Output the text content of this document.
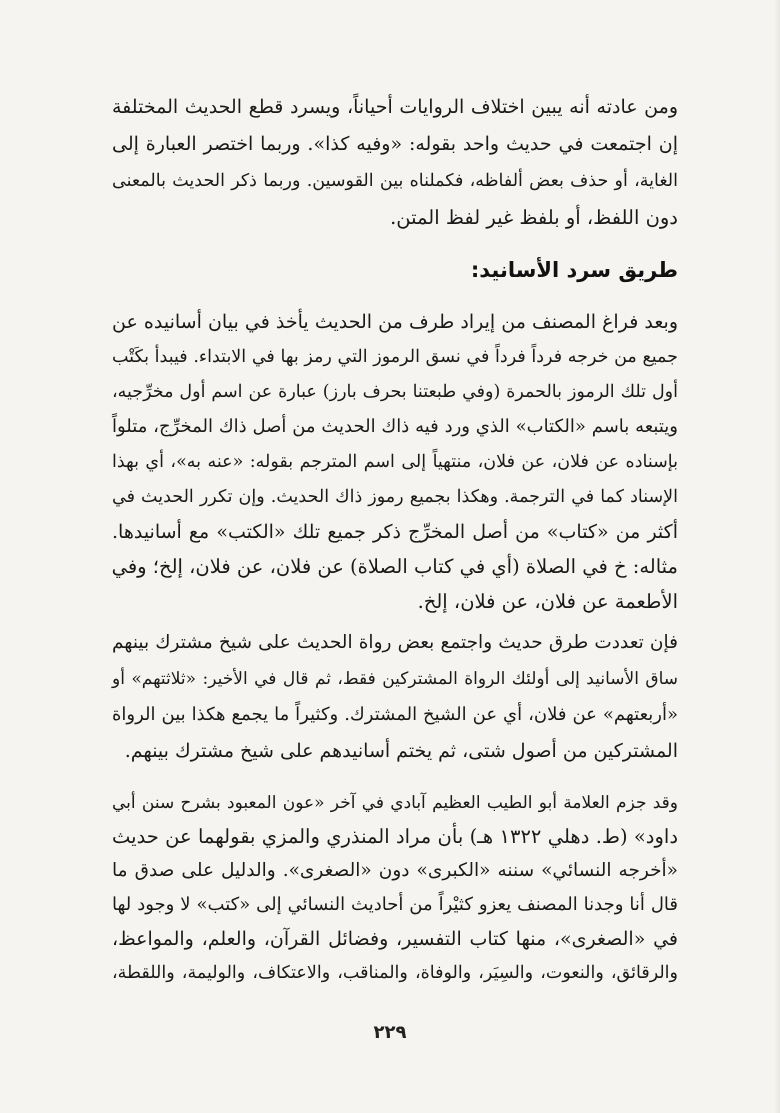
ومن عادته أنه يبين اختلاف الروايات أحياناً، ويسرد قطع الحديث المختلفة
إن اجتمعت في حديث واحد بقوله: «وفيه كذا». وربما اختصر العبارة إلى
الغاية، أو حذف بعض ألفاظه، فكملناه بين القوسين. وربما ذكر الحديث بالمعنى
دون اللفظ، أو بلفظ غير لفظ المتن.
طريق سرد الأسانيد:
وبعد فراغ المصنف من إيراد طرف من الحديث يأخذ في بيان أسانيده عن
جميع من خرجه فرداً فرداً في نسق الرموز التي رمز بها في الابتداء. فيبدأ بكَتْب
أول تلك الرموز بالحمرة (وفي طبعتنا بحرف بارز) عبارة عن اسم أول مخرِّجيه،
ويتبعه باسم «الكتاب» الذي ورد فيه ذاك الحديث من أصل ذاك المخرِّج، متلواً
بإسناده عن فلان، عن فلان، منتهياً إلى اسم المترجم بقوله: «عنه به»، أي بهذا
الإسناد كما في الترجمة. وهكذا بجميع رموز ذاك الحديث. وإن تكرر الحديث في
أكثر من «كتاب» من أصل المخرِّج ذكر جميع تلك «الكتب» مع أسانيدها.
مثاله: خ في الصلاة (أي في كتاب الصلاة) عن فلان، عن فلان، إلخ؛ وفي
الأطعمة عن فلان، عن فلان، إلخ.
فإن تعددت طرق حديث واجتمع بعض رواة الحديث على شيخ مشترك بينهم
ساق الأسانيد إلى أولئك الرواة المشتركين فقط، ثم قال في الأخير: «ثلاثتهم» أو
«أربعتهم» عن فلان، أي عن الشيخ المشترك. وكثيراً ما يجمع هكذا بين الرواة
المشتركين من أصول شتى، ثم يختم أسانيدهم على شيخ مشترك بينهم.
وقد جزم العلامة أبو الطيب العظيم آبادي في آخر «عون المعبود بشرح سنن أبي
داود» (ط. دهلي ١٣٢٢ هـ) بأن مراد المنذري والمزي بقولهما عن حديث
«أخرجه النسائي» سننه «الكبرى» دون «الصغرى». والدليل على صدق ما
قال أنا وجدنا المصنف يعزو كثيْراً من أحاديث النسائي إلى «كتب» لا وجود لها
في «الصغرى»، منها كتاب التفسير، وفضائل القرآن، والعلم، والمواعظ،
والرقائق، والنعوت، والسِيَر، والوفاة، والمناقب، والاعتكاف، والوليمة، واللقطة،
٢٢٩
